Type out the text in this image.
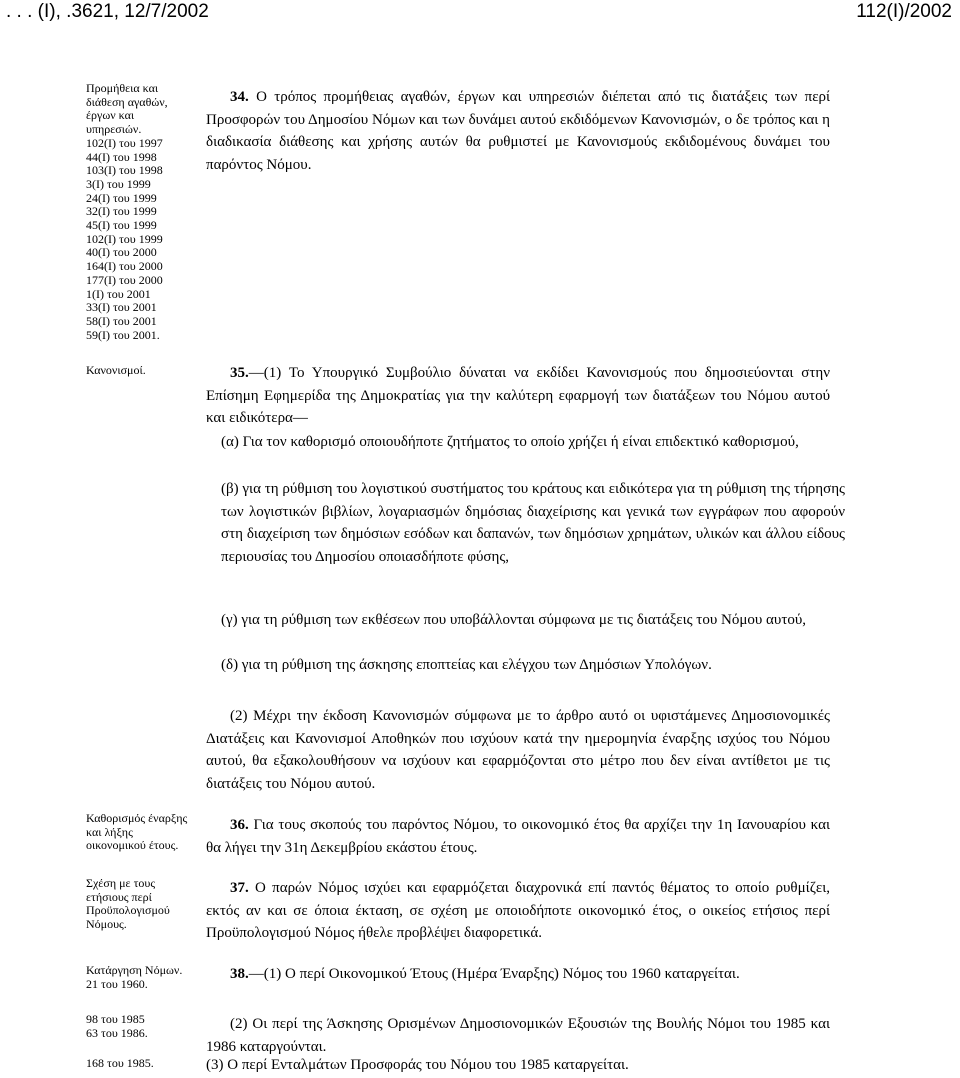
. . . (Ι), .3621, 12/7/2002	112(Ι)/2002
Προμήθεια και
διάθεση αγαθών,
έργων και
υπηρεσιών.
102(Ι) του 1997
44(Ι) του 1998
103(Ι) του 1998
3(Ι) του 1999
24(Ι) του 1999
32(Ι) του 1999
45(Ι) του 1999
102(Ι) του 1999
40(Ι) του 2000
164(Ι) του 2000
177(Ι) του 2000
1(Ι) του 2001
33(Ι) του 2001
58(Ι) του 2001
59(Ι) του 2001.
Κανονισμοί.
Καθορισμός έναρξης
και λήξης
οικονομικού έτους.
Σχέση με τους
ετήσιους περί
Προϋπολογισμού
Νόμους.
Κατάργηση Νόμων.
21 του 1960.
98 του 1985
63 του 1986.
168 του 1985.
34. Ο τρόπος προμήθειας αγαθών, έργων και υπηρεσιών διέπεται από τις διατάξεις των περί Προσφορών του Δημοσίου Νόμων και των δυνάμει αυτού εκδιδόμενων Κανονισμών, ο δε τρόπος και η διαδικασία διάθεσης και χρήσης αυτών θα ρυθμιστεί με Κανονισμούς εκδιδομένους δυνάμει του παρόντος Νόμου.
35.—(1) Το Υπουργικό Συμβούλιο δύναται να εκδίδει Κανονισμούς που δημοσιεύονται στην Επίσημη Εφημερίδα της Δημοκρατίας για την καλύτερη εφαρμογή των διατάξεων του Νόμου αυτού και ειδικότερα—
(α) Για τον καθορισμό οποιουδήποτε ζητήματος το οποίο χρήζει ή είναι επιδεκτικό καθορισμού,
(β) για τη ρύθμιση του λογιστικού συστήματος του κράτους και ειδικότερα για τη ρύθμιση της τήρησης των λογιστικών βιβλίων, λογαριασμών δημόσιας διαχείρισης και γενικά των εγγράφων που αφορούν στη διαχείριση των δημόσιων εσόδων και δαπανών, των δημόσιων χρημάτων, υλικών και άλλου είδους περιουσίας του Δημοσίου οποιασδήποτε φύσης,
(γ) για τη ρύθμιση των εκθέσεων που υποβάλλονται σύμφωνα με τις διατάξεις του Νόμου αυτού,
(δ) για τη ρύθμιση της άσκησης εποπτείας και ελέγχου των Δημόσιων Υπολόγων.
(2) Μέχρι την έκδοση Κανονισμών σύμφωνα με το άρθρο αυτό οι υφιστάμενες Δημοσιονομικές Διατάξεις και Κανονισμοί Αποθηκών που ισχύουν κατά την ημερομηνία έναρξης ισχύος του Νόμου αυτού, θα εξακολουθήσουν να ισχύουν και εφαρμόζονται στο μέτρο που δεν είναι αντίθετοι με τις διατάξεις του Νόμου αυτού.
36. Για τους σκοπούς του παρόντος Νόμου, το οικονομικό έτος θα αρχίζει την 1η Ιανουαρίου και θα λήγει την 31η Δεκεμβρίου εκάστου έτους.
37. Ο παρών Νόμος ισχύει και εφαρμόζεται διαχρονικά επί παντός θέματος το οποίο ρυθμίζει, εκτός αν και σε όποια έκταση, σε σχέση με οποιοδήποτε οικονομικό έτος, ο οικείος ετήσιος περί Προϋπολογισμού Νόμος ήθελε προβλέψει διαφορετικά.
38.—(1) Ο περί Οικονομικού Έτους (Ημέρα Έναρξης) Νόμος του 1960 καταργείται.
(2) Οι περί της Άσκησης Ορισμένων Δημοσιονομικών Εξουσιών της Βουλής Νόμοι του 1985 και 1986 καταργούνται.
(3) Ο περί Ενταλμάτων Προσφοράς του Νόμου του 1985 καταργείται.
